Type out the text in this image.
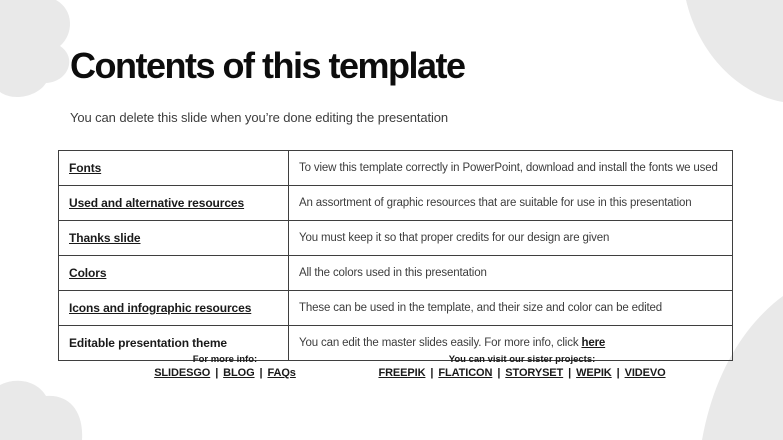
Contents of this template

You can delete this slide when you’re done editing the presentation

Fonts	To view this template correctly in PowerPoint, download and install the fonts we used
Used and alternative resources	An assortment of graphic resources that are suitable for use in this presentation
Thanks slide	You must keep it so that proper credits for our design are given
Colors	All the colors used in this presentation
Icons and infographic resources	These can be used in the template, and their size and color can be edited
Editable presentation theme	You can edit the master slides easily. For more info, click here
For more info:
SLIDESGO | BLOG | FAQs
You can visit our sister projects:
FREEPIK | FLATICON | STORYSET | WEPIK | VIDEVO
